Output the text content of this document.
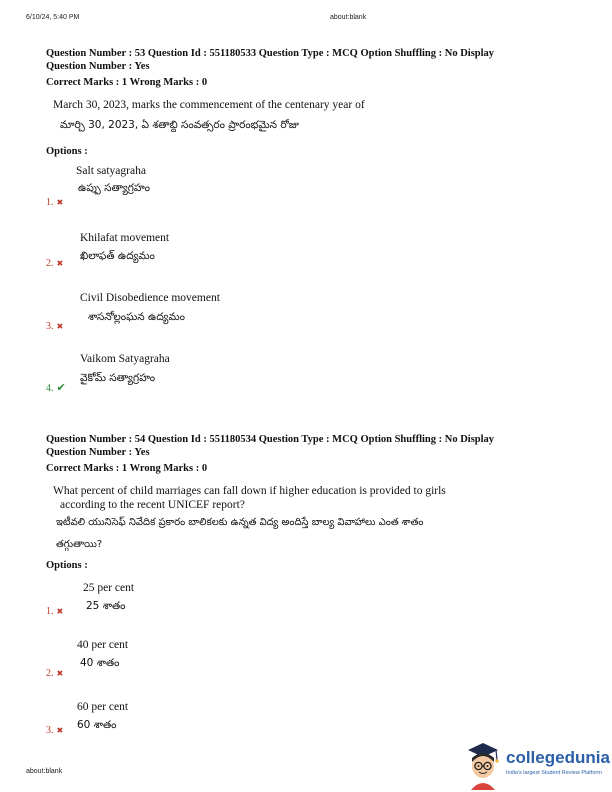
6/10/24, 5:40 PM	about:blank
Question Number : 53 Question Id : 551180533 Question Type : MCQ Option Shuffling : No Display
Question Number : Yes
Correct Marks : 1 Wrong Marks : 0
March 30, 2023, marks the commencement of the centenary year of
మార్చి 30, 2023, ఏ శతాబ్ది సంవత్సరం ప్రారంభమైన రోజు
Options :
Salt satyagraha
ఉప్పు సత్యాగ్రహం
1. ✖
Khilafat movement
ఖిలాఫత్ ఉద్యమం
2. ✖
Civil Disobedience movement
శాసనోల్లంఘన ఉద్యమం
3. ✖
Vaikom Satyagraha
వైకోమ్ సత్యాగ్రహం
4. ✔
Question Number : 54 Question Id : 551180534 Question Type : MCQ Option Shuffling : No Display
Question Number : Yes
Correct Marks : 1 Wrong Marks : 0
What percent of child marriages can fall down if higher education is provided to girls
according to the recent UNICEF report?
ఇటీవలి యునిసెఫ్ నివేదిక ప్రకారం బాలికలకు ఉన్నత విద్య అందిస్తే బాల్య వివాహాలు ఎంత శాతం
తగ్గుతాయి?
Options :
25 per cent
25 శాతం
1. ✖
40 per cent
40 శాతం
2. ✖
60 per cent
60 శాతం
3. ✖
about:blank
collegedunia
India's largest Student Review Platform
